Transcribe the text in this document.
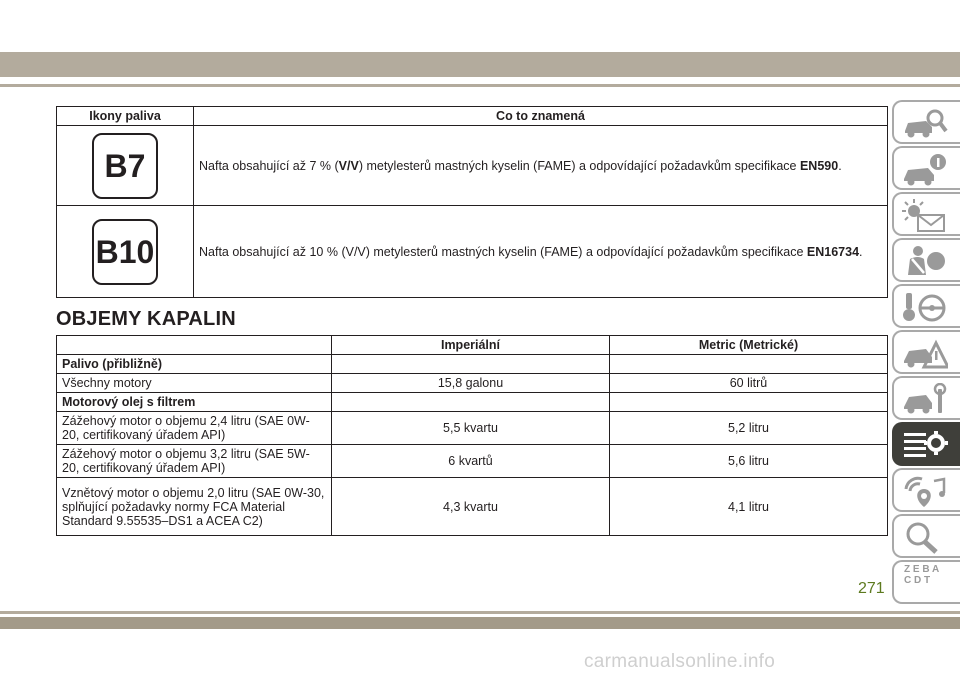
Ikony paliva	Co to znamená
B7	Nafta obsahující až 7 % (V/V) metylesterů mastných kyselin (FAME) a odpovídající požadavkům specifikace EN590.
B10	Nafta obsahující až 10 % (V/V) metylesterů mastných kyselin (FAME) a odpovídající požadavkům specifikace EN16734.
OBJEMY KAPALIN
	Imperiální	Metric (Metrické)
Palivo (přibližně)		
Všechny motory	15,8 galonu	60 litrů
Motorový olej s filtrem		
Zážehový motor o objemu 2,4 litru (SAE 0W-20, certifikovaný úřadem API)	5,5 kvartu	5,2 litru
Zážehový motor o objemu 3,2 litru (SAE 5W-20, certifikovaný úřadem API)	6 kvartů	5,6 litru
Vznětový motor o objemu 2,0 litru (SAE 0W-30, splňující požadavky normy FCA Material Standard 9.55535–DS1 a ACEA C2)	4,3 kvartu	4,1 litru
Z E B A C D T
271
carmanualsonline.info
